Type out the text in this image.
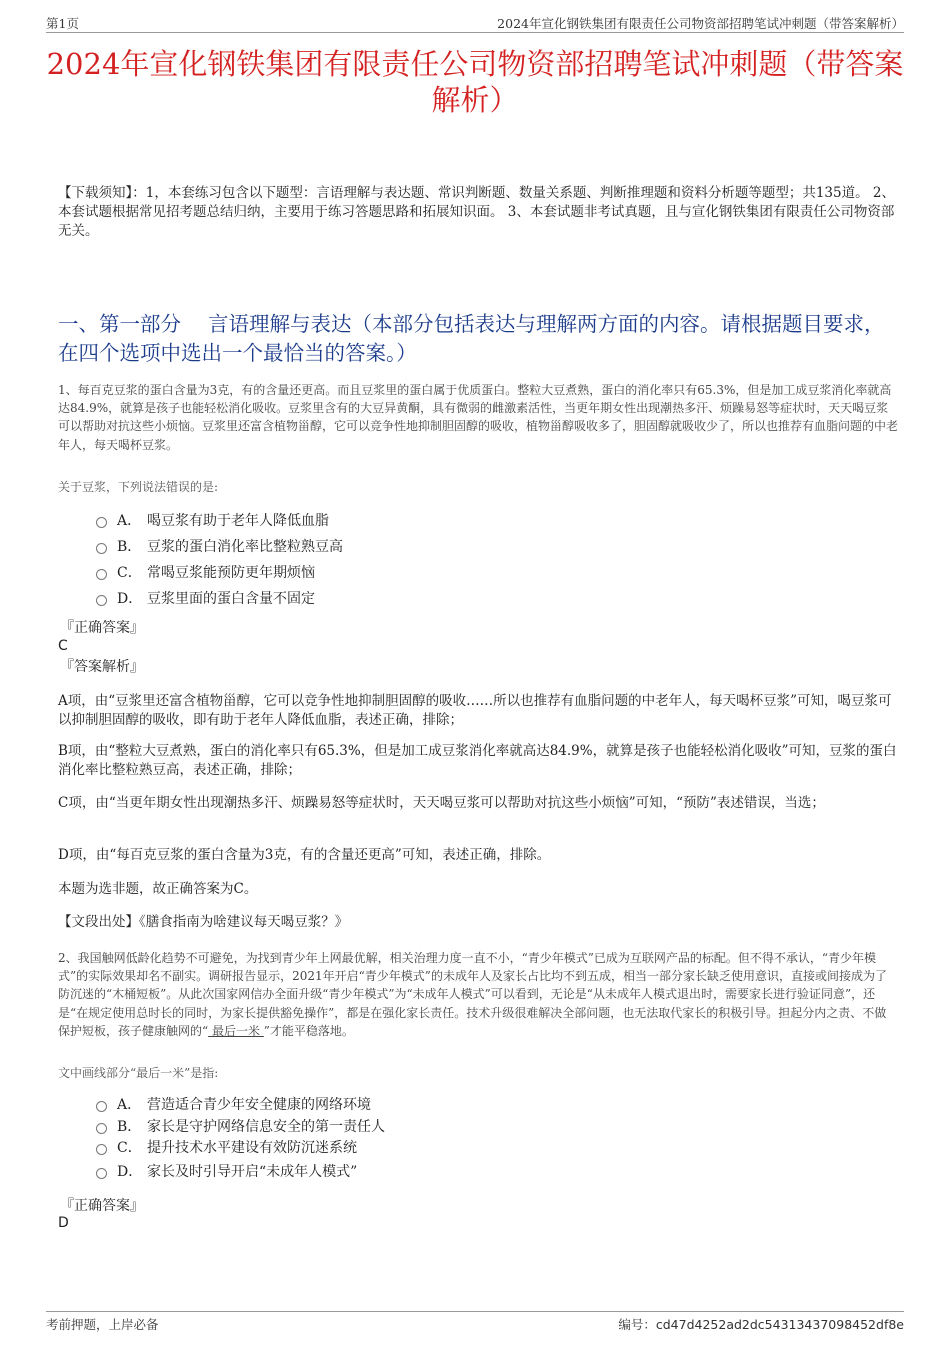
第1页	2024年宣化钢铁集团有限责任公司物资部招聘笔试冲刺题（带答案解析）
2024年宣化钢铁集团有限责任公司物资部招聘笔试冲刺题（带答案解析）
【下载须知】：1，本套练习包含以下题型：言语理解与表达题、常识判断题、数量关系题、判断推理题和资料分析题等题型；共135道。 2、本套试题根据常见招考题总结归纳，主要用于练习答题思路和拓展知识面。 3、本套试题非考试真题，且与宣化钢铁集团有限责任公司物资部无关。
一、第一部分　 言语理解与表达（本部分包括表达与理解两方面的内容。请根据题目要求，在四个选项中选出一个最恰当的答案。）
1、每百克豆浆的蛋白含量为3克，有的含量还更高。而且豆浆里的蛋白属于优质蛋白。整粒大豆煮熟，蛋白的消化率只有65.3%，但是加工成豆浆消化率就高达84.9%，就算是孩子也能轻松消化吸收。豆浆里含有的大豆异黄酮，具有微弱的雌激素活性，当更年期女性出现潮热多汗、烦躁易怒等症状时，天天喝豆浆可以帮助对抗这些小烦恼。豆浆里还富含植物甾醇，它可以竞争性地抑制胆固醇的吸收，植物甾醇吸收多了，胆固醇就吸收少了，所以也推荐有血脂问题的中老年人，每天喝杯豆浆。
关于豆浆，下列说法错误的是:
A． 喝豆浆有助于老年人降低血脂
B． 豆浆的蛋白消化率比整粒熟豆高
C． 常喝豆浆能预防更年期烦恼
D． 豆浆里面的蛋白含量不固定
『正确答案』
C
『答案解析』
A项，由“豆浆里还富含植物甾醇，它可以竞争性地抑制胆固醇的吸收……所以也推荐有血脂问题的中老年人，每天喝杯豆浆”可知，喝豆浆可以抑制胆固醇的吸收，即有助于老年人降低血脂，表述正确，排除；
B项，由“整粒大豆煮熟，蛋白的消化率只有65.3%，但是加工成豆浆消化率就高达84.9%，就算是孩子也能轻松消化吸收”可知，豆浆的蛋白消化率比整粒熟豆高，表述正确，排除；
C项，由“当更年期女性出现潮热多汗、烦躁易怒等症状时，天天喝豆浆可以帮助对抗这些小烦恼”可知，“预防”表述错误，当选；
D项，由“每百克豆浆的蛋白含量为3克，有的含量还更高”可知，表述正确，排除。
本题为选非题，故正确答案为C。
【文段出处】《膳食指南为啥建议每天喝豆浆？》
2、我国触网低龄化趋势不可避免，为找到青少年上网最优解，相关治理力度一直不小，“青少年模式”已成为互联网产品的标配。但不得不承认，“青少年模式”的实际效果却名不副实。调研报告显示，2021年开启“青少年模式”的未成年人及家长占比均不到五成，相当一部分家长缺乏使用意识，直接或间接成为了防沉迷的“木桶短板”。从此次国家网信办全面升级“青少年模式”为“未成年人模式”可以看到，无论是“从未成年人模式退出时，需要家长进行验证同意”，还是“在规定使用总时长的同时，为家长提供豁免操作”，都是在强化家长责任。技术升级很难解决全部问题，也无法取代家长的积极引导。担起分内之责、不做保护短板，孩子健康触网的“ 最后一米 ”才能平稳落地。
文中画线部分“最后一米”是指:
A． 营造适合青少年安全健康的网络环境
B． 家长是守护网络信息安全的第一责任人
C． 提升技术水平建设有效防沉迷系统
D． 家长及时引导开启“未成年人模式”
『正确答案』
D
考前押题，上岸必备	编号：cd47d4252ad2dc54313437098452df8e
